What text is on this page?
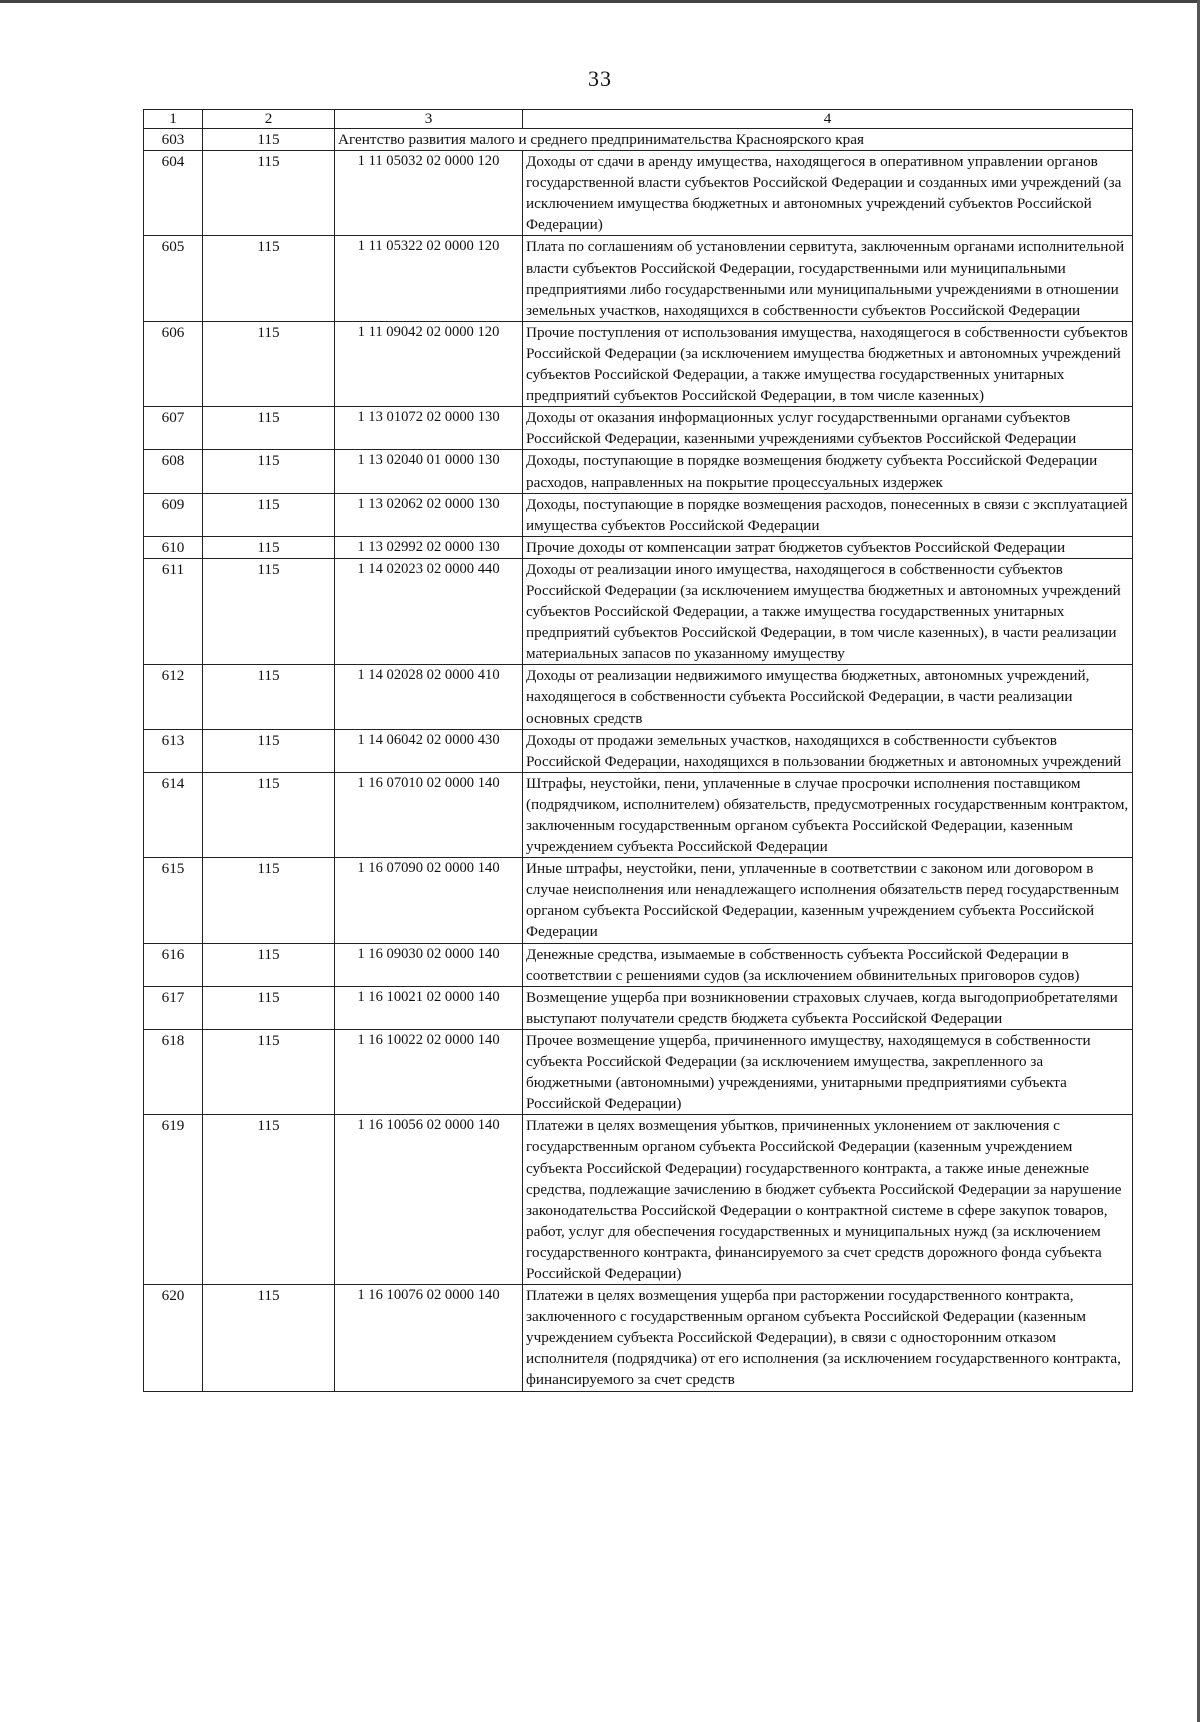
33
1	2	3	4
603	115	Агентство развития малого и среднего предпринимательства Красноярского края	
604	115	1 11 05032 02 0000 120	Доходы от сдачи в аренду имущества, находящегося в оперативном управлении органов государственной власти субъектов Российской Федерации и созданных ими учреждений (за исключением имущества бюджетных и автономных учреждений субъектов Российской Федерации)
605	115	1 11 05322 02 0000 120	Плата по соглашениям об установлении сервитута, заключенным органами исполнительной власти субъектов Российской Федерации, государственными или муниципальными предприятиями либо государственными или муниципальными учреждениями в отношении земельных участков, находящихся в собственности субъектов Российской Федерации
606	115	1 11 09042 02 0000 120	Прочие поступления от использования имущества, находящегося в собственности субъектов Российской Федерации (за исключением имущества бюджетных и автономных учреждений субъектов Российской Федерации, а также имущества государственных унитарных предприятий субъектов Российской Федерации, в том числе казенных)
607	115	1 13 01072 02 0000 130	Доходы от оказания информационных услуг государственными органами субъектов Российской Федерации, казенными учреждениями субъектов Российской Федерации
608	115	1 13 02040 01 0000 130	Доходы, поступающие в порядке возмещения бюджету субъекта Российской Федерации расходов, направленных на покрытие процессуальных издержек
609	115	1 13 02062 02 0000 130	Доходы, поступающие в порядке возмещения расходов, понесенных в связи с эксплуатацией имущества субъектов Российской Федерации
610	115	1 13 02992 02 0000 130	Прочие доходы от компенсации затрат бюджетов субъектов Российской Федерации
611	115	1 14 02023 02 0000 440	Доходы от реализации иного имущества, находящегося в собственности субъектов Российской Федерации (за исключением имущества бюджетных и автономных учреждений субъектов Российской Федерации, а также имущества государственных унитарных предприятий субъектов Российской Федерации, в том числе казенных), в части реализации материальных запасов по указанному имуществу
612	115	1 14 02028 02 0000 410	Доходы от реализации недвижимого имущества бюджетных, автономных учреждений, находящегося в собственности субъекта Российской Федерации, в части реализации основных средств
613	115	1 14 06042 02 0000 430	Доходы от продажи земельных участков, находящихся в собственности субъектов Российской Федерации, находящихся в пользовании бюджетных и автономных учреждений
614	115	1 16 07010 02 0000 140	Штрафы, неустойки, пени, уплаченные в случае просрочки исполнения поставщиком (подрядчиком, исполнителем) обязательств, предусмотренных государственным контрактом, заключенным государственным органом субъекта Российской Федерации, казенным учреждением субъекта Российской Федерации
615	115	1 16 07090 02 0000 140	Иные штрафы, неустойки, пени, уплаченные в соответствии с законом или договором в случае неисполнения или ненадлежащего исполнения обязательств перед государственным органом субъекта Российской Федерации, казенным учреждением субъекта Российской Федерации
616	115	1 16 09030 02 0000 140	Денежные средства, изымаемые в собственность субъекта Российской Федерации в соответствии с решениями судов (за исключением обвинительных приговоров судов)
617	115	1 16 10021 02 0000 140	Возмещение ущерба при возникновении страховых случаев, когда выгодоприобретателями выступают получатели средств бюджета субъекта Российской Федерации
618	115	1 16 10022 02 0000 140	Прочее возмещение ущерба, причиненного имуществу, находящемуся в собственности субъекта Российской Федерации (за исключением имущества, закрепленного за бюджетными (автономными) учреждениями, унитарными предприятиями субъекта Российской Федерации)
619	115	1 16 10056 02 0000 140	Платежи в целях возмещения убытков, причиненных уклонением от заключения с государственным органом субъекта Российской Федерации (казенным учреждением субъекта Российской Федерации) государственного контракта, а также иные денежные средства, подлежащие зачислению в бюджет субъекта Российской Федерации за нарушение законодательства Российской Федерации о контрактной системе в сфере закупок товаров, работ, услуг для обеспечения государственных и муниципальных нужд (за исключением государственного контракта, финансируемого за счет средств дорожного фонда субъекта Российской Федерации)
620	115	1 16 10076 02 0000 140	Платежи в целях возмещения ущерба при расторжении государственного контракта, заключенного с государственным органом субъекта Российской Федерации (казенным учреждением субъекта Российской Федерации), в связи с односторонним отказом исполнителя (подрядчика) от его исполнения (за исключением государственного контракта, финансируемого за счет средств
